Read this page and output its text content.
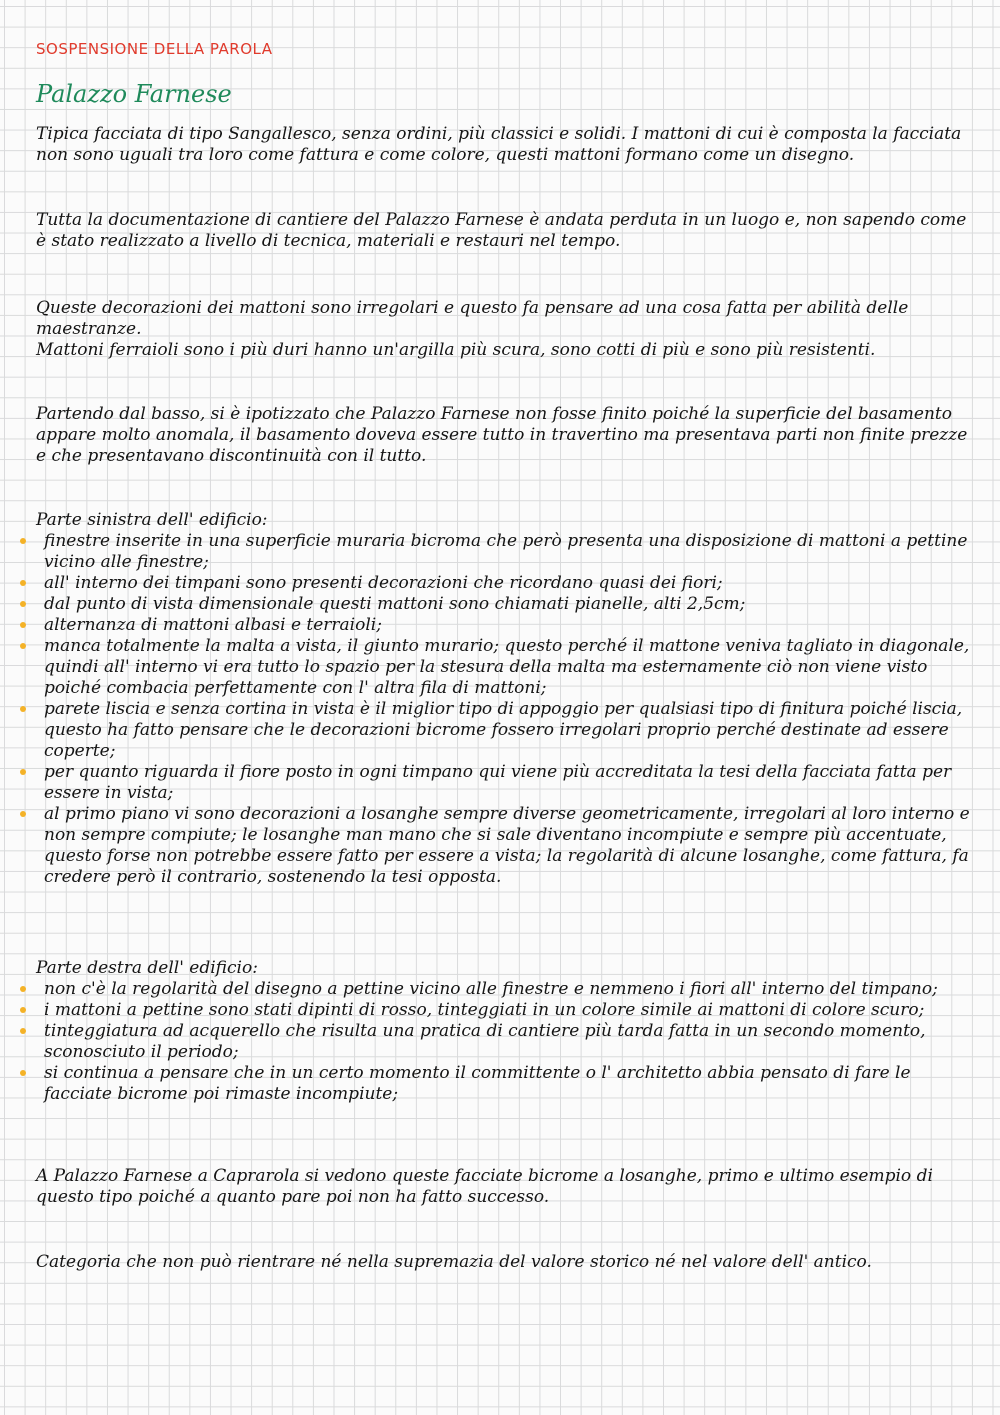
SOSPENSIONE DELLA PAROLA
Palazzo Farnese

Tipica facciata di tipo Sangallesco, senza ordini, più classici e solidi. I mattoni di cui è composta la facciata non sono uguali tra loro come fattura e come colore, questi mattoni formano come un disegno.

Tutta la documentazione di cantiere del Palazzo Farnese è andata perduta in un luogo e, non sapendo come è stato realizzato a livello di tecnica, materiali e restauri nel tempo.

Queste decorazioni dei mattoni sono irregolari e questo fa pensare ad una cosa fatta per abilità delle maestranze.

Mattoni ferraioli sono i più duri hanno un'argilla più scura, sono cotti di più e sono più resistenti.

Partendo dal basso, si è ipotizzato che Palazzo Farnese non fosse finito poiché la superficie del basamento appare molto anomala, il basamento doveva essere tutto in travertino ma presentava parti non finite prezze e che presentavano discontinuità con il tutto.

Parte sinistra dell' edificio:

finestre inserite in una superficie muraria bicroma che però presenta una disposizione di mattoni a pettine vicino alle finestre;
all' interno dei timpani sono presenti decorazioni che ricordano quasi dei fiori;
dal punto di vista dimensionale questi mattoni sono chiamati pianelle, alti 2,5cm;
alternanza di mattoni albasi e terraioli;
manca totalmente la malta a vista, il giunto murario; questo perché il mattone veniva tagliato in diagonale, quindi all' interno vi era tutto lo spazio per la stesura della malta ma esternamente ciò non viene visto poiché combacia perfettamente con l' altra fila di mattoni;
parete liscia e senza cortina in vista è il miglior tipo di appoggio per qualsiasi tipo di finitura poiché liscia, questo ha fatto pensare che le decorazioni bicrome fossero irregolari proprio perché destinate ad essere coperte;
per quanto riguarda il fiore posto in ogni timpano qui viene più accreditata la tesi della facciata fatta per essere in vista;
al primo piano vi sono decorazioni a losanghe sempre diverse geometricamente, irregolari al loro interno e non sempre compiute; le losanghe man mano che si sale diventano incompiute e sempre più accentuate, questo forse non potrebbe essere fatto per essere a vista; la regolarità di alcune losanghe, come fattura, fa credere però il contrario, sostenendo la tesi opposta.

Parte destra dell' edificio:

non c'è la regolarità del disegno a pettine vicino alle finestre e nemmeno i fiori all' interno del timpano;
i mattoni a pettine sono stati dipinti di rosso, tinteggiati in un colore simile ai mattoni di colore scuro;
tinteggiatura ad acquerello che risulta una pratica di cantiere più tarda fatta in un secondo momento, sconosciuto il periodo;
si continua a pensare che in un certo momento il committente o l' architetto abbia pensato di fare le facciate bicrome poi rimaste incompiute;

A Palazzo Farnese a Caprarola si vedono queste facciate bicrome a losanghe, primo e ultimo esempio di questo tipo poiché a quanto pare poi non ha fatto successo.

Categoria che non può rientrare né nella supremazia del valore storico né nel valore dell' antico.
